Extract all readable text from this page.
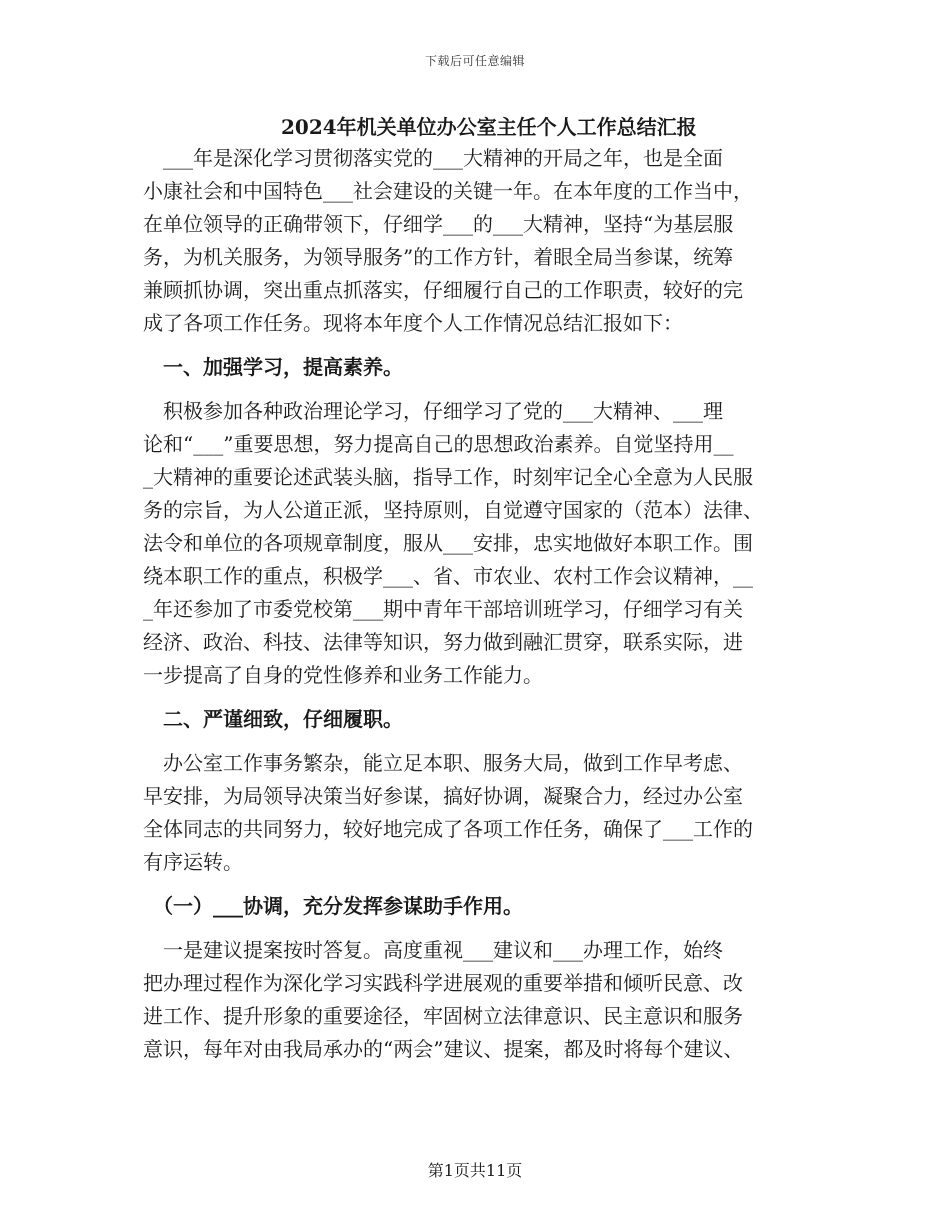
下载后可任意编辑
2024年机关单位办公室主任个人工作总结汇报
　___年是深化学习贯彻落实党的___大精神的开局之年，也是全面
小康社会和中国特色___社会建设的关键一年。在本年度的工作当中，
在单位领导的正确带领下，仔细学___的___大精神，坚持“为基层服
务，为机关服务，为领导服务”的工作方针，着眼全局当参谋，统筹
兼顾抓协调，突出重点抓落实，仔细履行自己的工作职责，较好的完
成了各项工作任务。现将本年度个人工作情况总结汇报如下：
　一、加强学习，提高素养。
　积极参加各种政治理论学习，仔细学习了党的___大精神、___理
论和“___”重要思想，努力提高自己的思想政治素养。自觉坚持用__
_大精神的重要论述武装头脑，指导工作，时刻牢记全心全意为人民服
务的宗旨，为人公道正派，坚持原则，自觉遵守国家的（范本）法律、
法令和单位的各项规章制度，服从___安排，忠实地做好本职工作。围
绕本职工作的重点，积极学___、省、市农业、农村工作会议精神，__
_年还参加了市委党校第___期中青年干部培训班学习，仔细学习有关
经济、政治、科技、法律等知识，努力做到融汇贯穿，联系实际，进
一步提高了自身的党性修养和业务工作能力。
　二、严谨细致，仔细履职。
　办公室工作事务繁杂，能立足本职、服务大局，做到工作早考虑、
早安排，为局领导决策当好参谋，搞好协调，凝聚合力，经过办公室
全体同志的共同努力，较好地完成了各项工作任务，确保了___工作的
有序运转。
　（一）___协调，充分发挥参谋助手作用。
　一是建议提案按时答复。高度重视___建议和___办理工作，始终
把办理过程作为深化学习实践科学进展观的重要举措和倾听民意、改
进工作、提升形象的重要途径，牢固树立法律意识、民主意识和服务
意识，每年对由我局承办的“两会”建议、提案，都及时将每个建议、
第1页共11页
